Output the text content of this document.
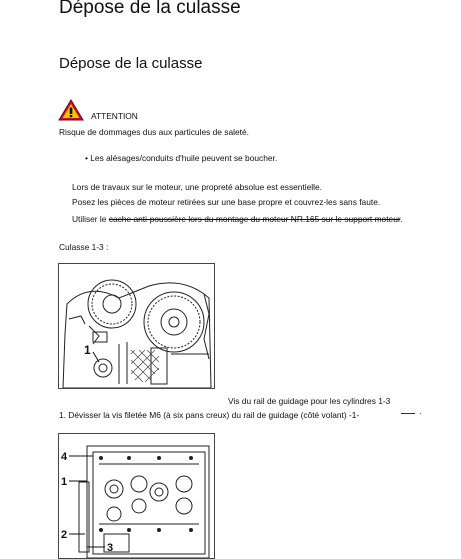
Dépose de la culasse
Dépose de la culasse
ATTENTION
Risque de dommages dus aux particules de saleté.
• Les alésages/conduits d'huile peuvent se boucher.
Lors de travaux sur le moteur, une propreté absolue est essentielle.
Posez les pièces de moteur retirées sur une base propre et couvrez-les sans faute.
Utiliser le cache anti-poussière lors du montage du moteur NR.165 sur le support moteur.
Culasse 1-3 :
1
Vis du rail de guidage pour les cylindres 1-3
1. Dévisser la vis filetée M6 (à six pans creux) du rail de guidage (côté volant) -1-
4
1
2
3
